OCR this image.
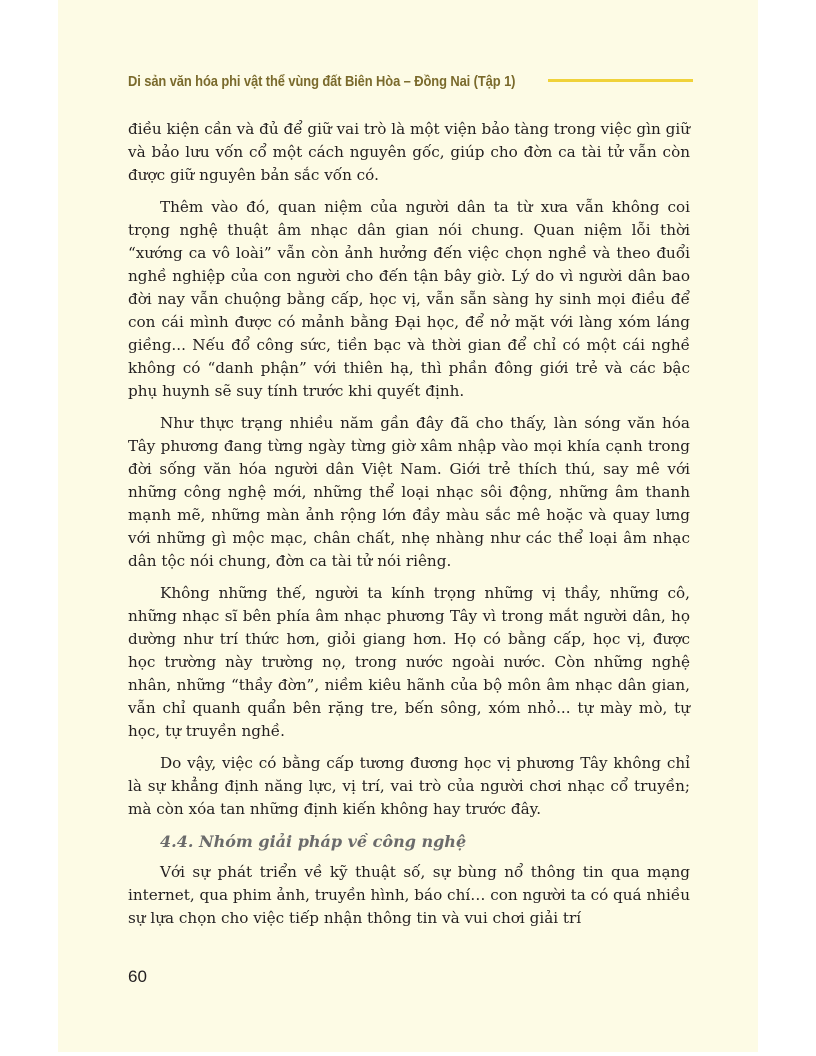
Di sản văn hóa phi vật thể vùng đất Biên Hòa – Đồng Nai (Tập 1)

điều kiện cần và đủ để giữ vai trò là một viện bảo tàng trong việc gìn giữ và bảo lưu vốn cổ một cách nguyên gốc, giúp cho đờn ca tài tử vẫn còn được giữ nguyên bản sắc vốn có.

Thêm vào đó, quan niệm của người dân ta từ xưa vẫn không coi trọng nghệ thuật âm nhạc dân gian nói chung. Quan niệm lỗi thời “xướng ca vô loài” vẫn còn ảnh hưởng đến việc chọn nghề và theo đuổi nghề nghiệp của con người cho đến tận bây giờ. Lý do vì người dân bao đời nay vẫn chuộng bằng cấp, học vị, vẫn sẵn sàng hy sinh mọi điều để con cái mình được có mảnh bằng Đại học, để nở mặt với làng xóm láng giềng... Nếu đổ công sức, tiền bạc và thời gian để chỉ có một cái nghề không có “danh phận” với thiên hạ, thì phần đông giới trẻ và các bậc phụ huynh sẽ suy tính trước khi quyết định.

Như thực trạng nhiều năm gần đây đã cho thấy, làn sóng văn hóa Tây phương đang từng ngày từng giờ xâm nhập vào mọi khía cạnh trong đời sống văn hóa người dân Việt Nam. Giới trẻ thích thú, say mê với những công nghệ mới, những thể loại nhạc sôi động, những âm thanh mạnh mẽ, những màn ảnh rộng lớn đầy màu sắc mê hoặc và quay lưng với những gì mộc mạc, chân chất, nhẹ nhàng như các thể loại âm nhạc dân tộc nói chung, đờn ca tài tử nói riêng.

Không những thế, người ta kính trọng những vị thầy, những cô, những nhạc sĩ bên phía âm nhạc phương Tây vì trong mắt người dân, họ dường như trí thức hơn, giỏi giang hơn. Họ có bằng cấp, học vị, được học trường này trường nọ, trong nước ngoài nước. Còn những nghệ nhân, những “thầy đờn”, niềm kiêu hãnh của bộ môn âm nhạc dân gian, vẫn chỉ quanh quẩn bên rặng tre, bến sông, xóm nhỏ... tự mày mò, tự học, tự truyền nghề.

Do vậy, việc có bằng cấp tương đương học vị phương Tây không chỉ là sự khẳng định năng lực, vị trí, vai trò của người chơi nhạc cổ truyền; mà còn xóa tan những định kiến không hay trước đây.

4.4. Nhóm giải pháp về công nghệ

Với sự phát triển về kỹ thuật số, sự bùng nổ thông tin qua mạng internet, qua phim ảnh, truyền hình, báo chí… con người ta có quá nhiều sự lựa chọn cho việc tiếp nhận thông tin và vui chơi giải trí

60
